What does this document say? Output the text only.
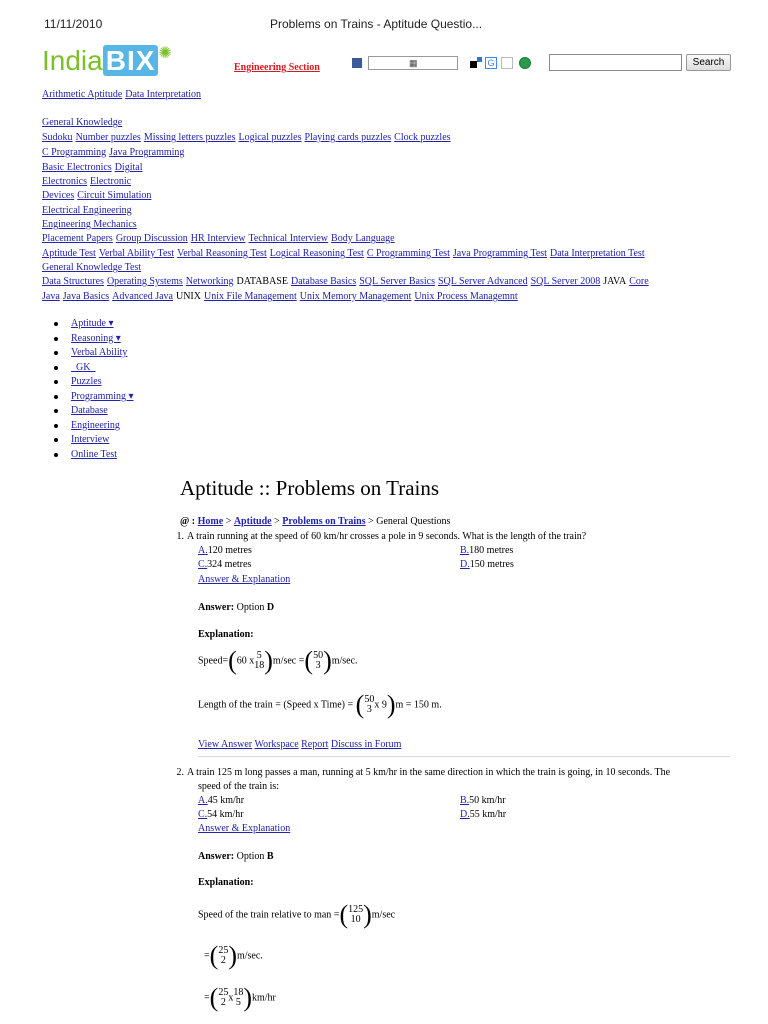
11/11/2010	Problems on Trains - Aptitude Questio...
India BIX ✺
Engineering Section	▦	G	Search
Arithmetic Aptitude Data Interpretation
General Knowledge
Sudoku Number puzzles Missing letters puzzles Logical puzzles Playing cards puzzles Clock puzzles
C Programming Java Programming
Basic Electronics Digital
Electronics Electronic
Devices Circuit Simulation
Electrical Engineering
Engineering Mechanics
Placement Papers Group Discussion HR Interview Technical Interview Body Language
Aptitude Test Verbal Ability Test Verbal Reasoning Test Logical Reasoning Test C Programming Test Java Programming Test Data Interpretation Test
General Knowledge Test
Data Structures Operating Systems Networking DATABASE Database Basics SQL Server Basics SQL Server Advanced SQL Server 2008 JAVA Core
Java Java Basics Advanced Java UNIX Unix File Management Unix Memory Management Unix Process Managemnt
Aptitude ▾
Reasoning ▾
Verbal Ability
_GK_
Puzzles
Programming ▾
Database
Engineering
Interview
Online Test
Aptitude :: Problems on Trains
@ : Home > Aptitude > Problems on Trains > General Questions
1. A train running at the speed of 60 km/hr crosses a pole in 9 seconds. What is the length of the train?
A.120 metres	B.180 metres
C.324 metres	D.150 metres
Answer & Explanation
Answer: Option D
Explanation:
Speed=(60 x 5
18)m/sec =(50
3)m/sec.
Length of the train = (Speed x Time) = (50
3 x 9)m = 150 m.
View Answer Workspace Report Discuss in Forum
2. A train 125 m long passes a man, running at 5 km/hr in the same direction in which the train is going, in 10 seconds. The
speed of the train is:
A.45 km/hr	B.50 km/hr
C.54 km/hr	D.55 km/hr
Answer & Explanation
Answer: Option B
Explanation:
Speed of the train relative to man =(125
10)m/sec
=(25
2)m/sec.
=(25
2 x18
5)km/hr
